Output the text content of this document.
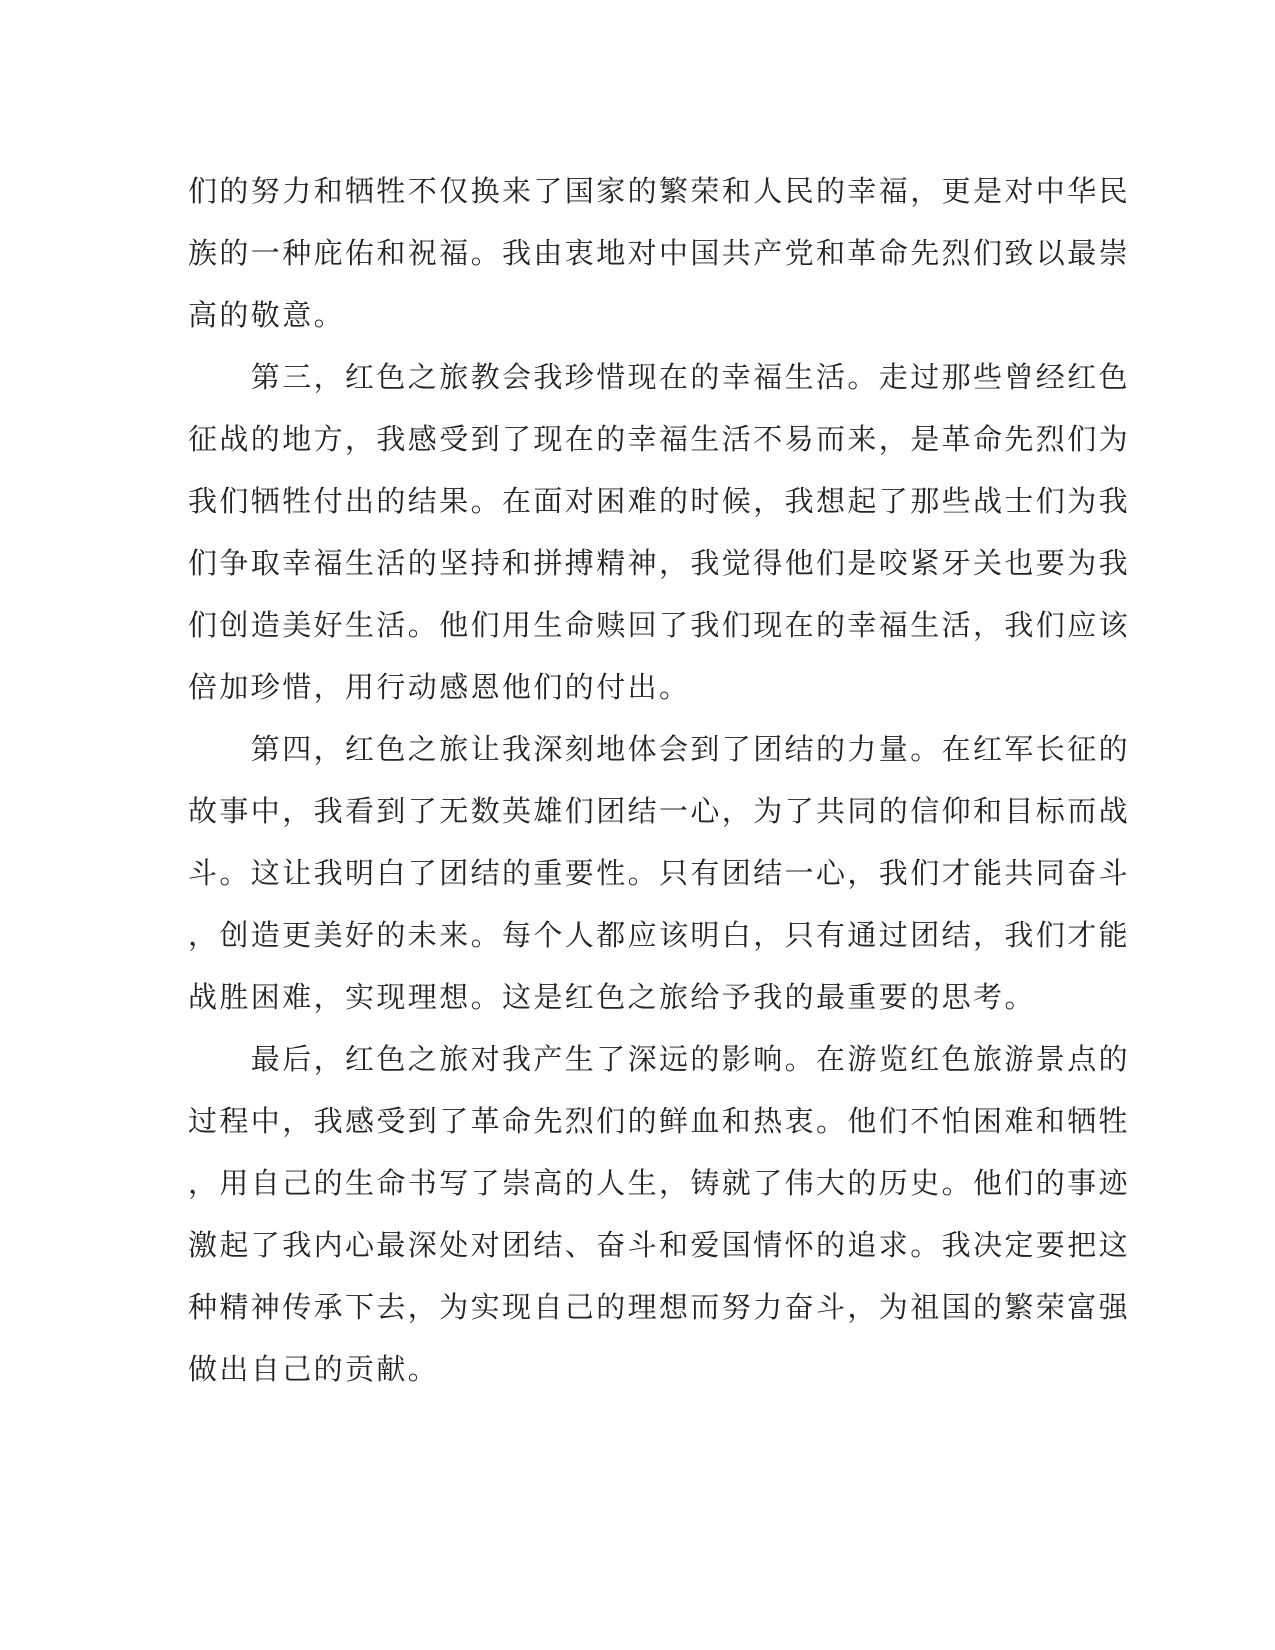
们的努力和牺牲不仅换来了国家的繁荣和人民的幸福，更是对中华民
族的一种庇佑和祝福。我由衷地对中国共产党和革命先烈们致以最崇
高的敬意。
　　第三，红色之旅教会我珍惜现在的幸福生活。走过那些曾经红色
征战的地方，我感受到了现在的幸福生活不易而来，是革命先烈们为
我们牺牲付出的结果。在面对困难的时候，我想起了那些战士们为我
们争取幸福生活的坚持和拼搏精神，我觉得他们是咬紧牙关也要为我
们创造美好生活。他们用生命赎回了我们现在的幸福生活，我们应该
倍加珍惜，用行动感恩他们的付出。
　　第四，红色之旅让我深刻地体会到了团结的力量。在红军长征的
故事中，我看到了无数英雄们团结一心，为了共同的信仰和目标而战
斗。这让我明白了团结的重要性。只有团结一心，我们才能共同奋斗
，创造更美好的未来。每个人都应该明白，只有通过团结，我们才能
战胜困难，实现理想。这是红色之旅给予我的最重要的思考。
　　最后，红色之旅对我产生了深远的影响。在游览红色旅游景点的
过程中，我感受到了革命先烈们的鲜血和热衷。他们不怕困难和牺牲
，用自己的生命书写了崇高的人生，铸就了伟大的历史。他们的事迹
激起了我内心最深处对团结、奋斗和爱国情怀的追求。我决定要把这
种精神传承下去，为实现自己的理想而努力奋斗，为祖国的繁荣富强
做出自己的贡献。
